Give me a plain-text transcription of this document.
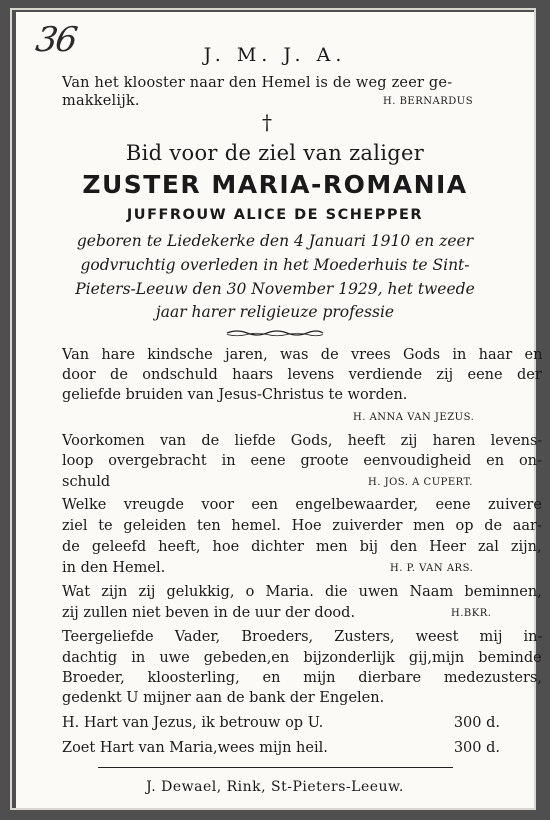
36	J. M. J. A.
Van het klooster naar den Hemel is de weg zeer ge-
makkelijk.	H. BERNARDUS
†
Bid voor de ziel van zaliger
ZUSTER MARIA-ROMANIA
JUFFROUW ALICE DE SCHEPPER
geboren te Liedekerke den 4 Januari 1910 en zeer
godvruchtig overleden in het Moederhuis te Sint-
Pieters-Leeuw den 30 November 1929, het tweede
jaar harer religieuze professie
Van hare kindsche jaren, was de vrees Gods in haar en
door de ondschuld haars levens verdiende zij eene der
geliefde bruiden van Jesus-Christus te worden.
Voorkomen van de liefde Gods, heeft zij haren levens-
loop overgebracht in eene groote eenvoudigheid en on-
schuld
Welke vreugde voor een engelbewaarder, eene zuivere
ziel te geleiden ten hemel. Hoe zuiverder men op de aar-
de geleefd heeft, hoe dichter men bij den Heer zal zijn,
in den Hemel.
Wat zijn zij gelukkig, o Maria. die uwen Naam beminnen,
zij zullen niet beven in de uur der dood.
Teergeliefde Vader, Broeders, Zusters, weest mij in-
dachtig in uwe gebeden,en bijzonderlijk gij,mijn beminde
Broeder, kloosterling, en mijn dierbare medezusters,
gedenkt U mijner aan de bank der Engelen.
H. ANNA VAN JEZUS.
H. JOS. A CUPERT.
H. P. VAN ARS.
H.BKR.
H. Hart van Jezus, ik betrouw op U.	300 d.
Zoet Hart van Maria,wees mijn heil.	300 d.
J. Dewael, Rink, St-Pieters-Leeuw.
